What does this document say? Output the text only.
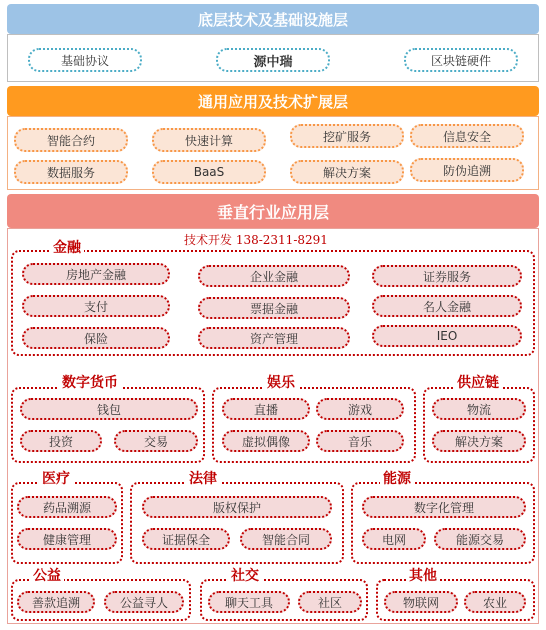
底层技术及基础设施层
基础协议	源中瑞	区块链硬件
通用应用及技术扩展层
智能合约	快速计算	挖矿服务	信息安全
数据服务	BaaS	解决方案	防伪追溯
垂直行业应用层
技术开发 138-2311-8291
金融
房地产金融	企业金融	证券服务
支付	票据金融	名人金融
保险	资产管理	IEO
数字货币
钱包
投资	交易
娱乐
直播	游戏
虚拟偶像	音乐
供应链
物流
解决方案
医疗
药品溯源
健康管理
法律
版权保护
证据保全	智能合同
能源
数字化管理
电网	能源交易
公益
善款追溯	公益寻人
社交
聊天工具	社区
其他
物联网	农业
